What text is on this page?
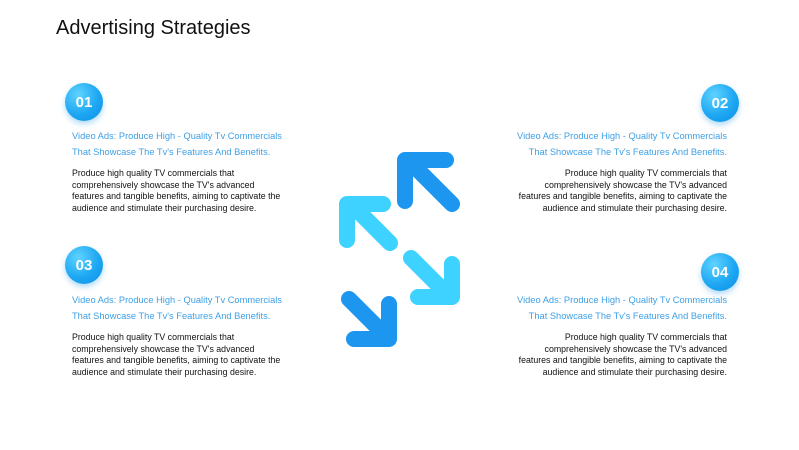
Advertising Strategies
01

Video Ads: Produce High - Quality Tv Commercials
That Showcase The Tv's Features And Benefits.

Produce high quality TV commercials that
comprehensively showcase the TV's advanced
features and tangible benefits, aiming to captivate the
audience and stimulate their purchasing desire.
02

Video Ads: Produce High - Quality Tv Commercials
That Showcase The Tv's Features And Benefits.

Produce high quality TV commercials that
comprehensively showcase the TV's advanced
features and tangible benefits, aiming to captivate the
audience and stimulate their purchasing desire.
03

Video Ads: Produce High - Quality Tv Commercials
That Showcase The Tv's Features And Benefits.

Produce high quality TV commercials that
comprehensively showcase the TV's advanced
features and tangible benefits, aiming to captivate the
audience and stimulate their purchasing desire.
04

Video Ads: Produce High - Quality Tv Commercials
That Showcase The Tv's Features And Benefits.

Produce high quality TV commercials that
comprehensively showcase the TV's advanced
features and tangible benefits, aiming to captivate the
audience and stimulate their purchasing desire.
